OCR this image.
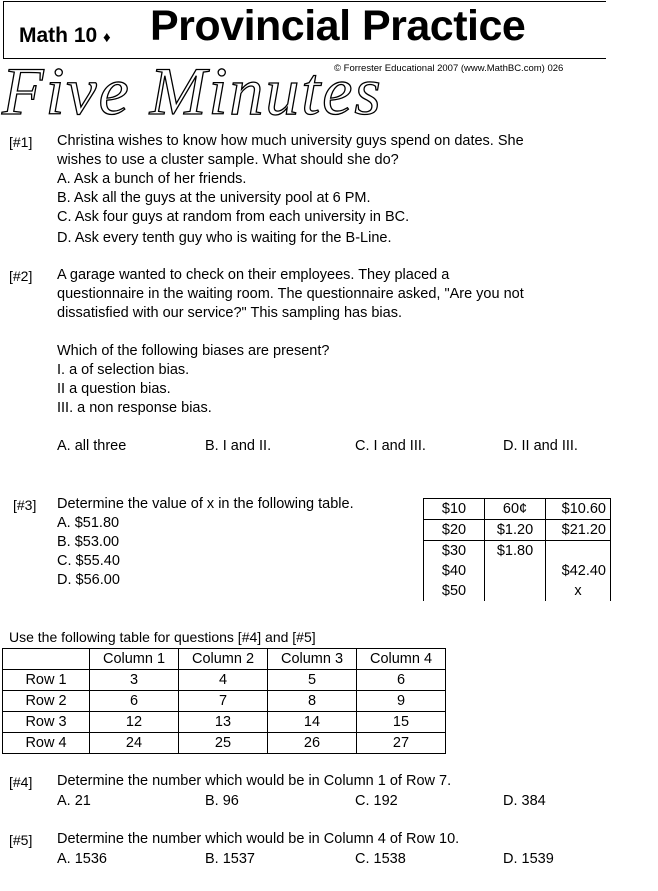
Math 10 ♦ Provincial Practice
Five Minutes
© Forrester Educational 2007 (www.MathBC.com) 026
[#1] Christina wishes to know how much university guys spend on dates. She
wishes to use a cluster sample. What should she do?
A. Ask a bunch of her friends.
B. Ask all the guys at the university pool at 6 PM.
C. Ask four guys at random from each university in BC.
D. Ask every tenth guy who is waiting for the B-Line.
[#2] A garage wanted to check on their employees. They placed a
questionnaire in the waiting room. The questionnaire asked, "Are you not
dissatisfied with our service?" This sampling has bias.
Which of the following biases are present?
I. a of selection bias.
II a question bias.
III. a non response bias.
A. all three	B. I and II.	C. I and III.	D. II and III.
[#3] Determine the value of x in the following table.
A. $51.80
B. $53.00
C. $55.40
D. $56.00
$10	60¢	$10.60
$20	$1.20	$21.20
$30	$1.80	
$40		$42.40
$50		x
Use the following table for questions [#4] and [#5]
	Column 1	Column 2	Column 3	Column 4
Row 1	3	4	5	6
Row 2	6	7	8	9
Row 3	12	13	14	15
Row 4	24	25	26	27
[#4] Determine the number which would be in Column 1 of Row 7.
A. 21	B. 96	C. 192	D. 384
[#5] Determine the number which would be in Column 4 of Row 10.
A. 1536	B. 1537	C. 1538	D. 1539
